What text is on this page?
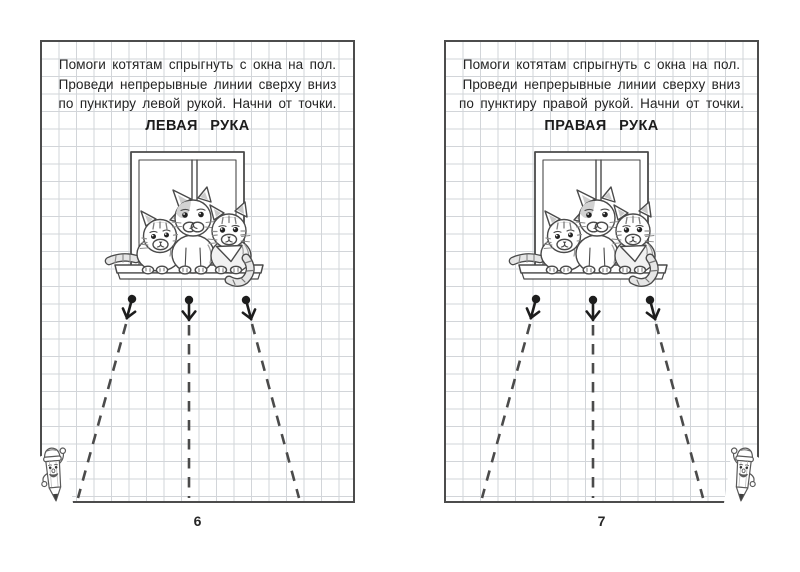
Помоги котятам спрыгнуть с окна на пол.
Проведи непрерывные линии сверху вниз
по пунктиру левой рукой. Начни от точки.
ЛЕВАЯ РУКА
Помоги котятам спрыгнуть с окна на пол.
Проведи непрерывные линии сверху вниз
по пунктиру правой рукой. Начни от точки.
ПРАВАЯ РУКА
6	7
